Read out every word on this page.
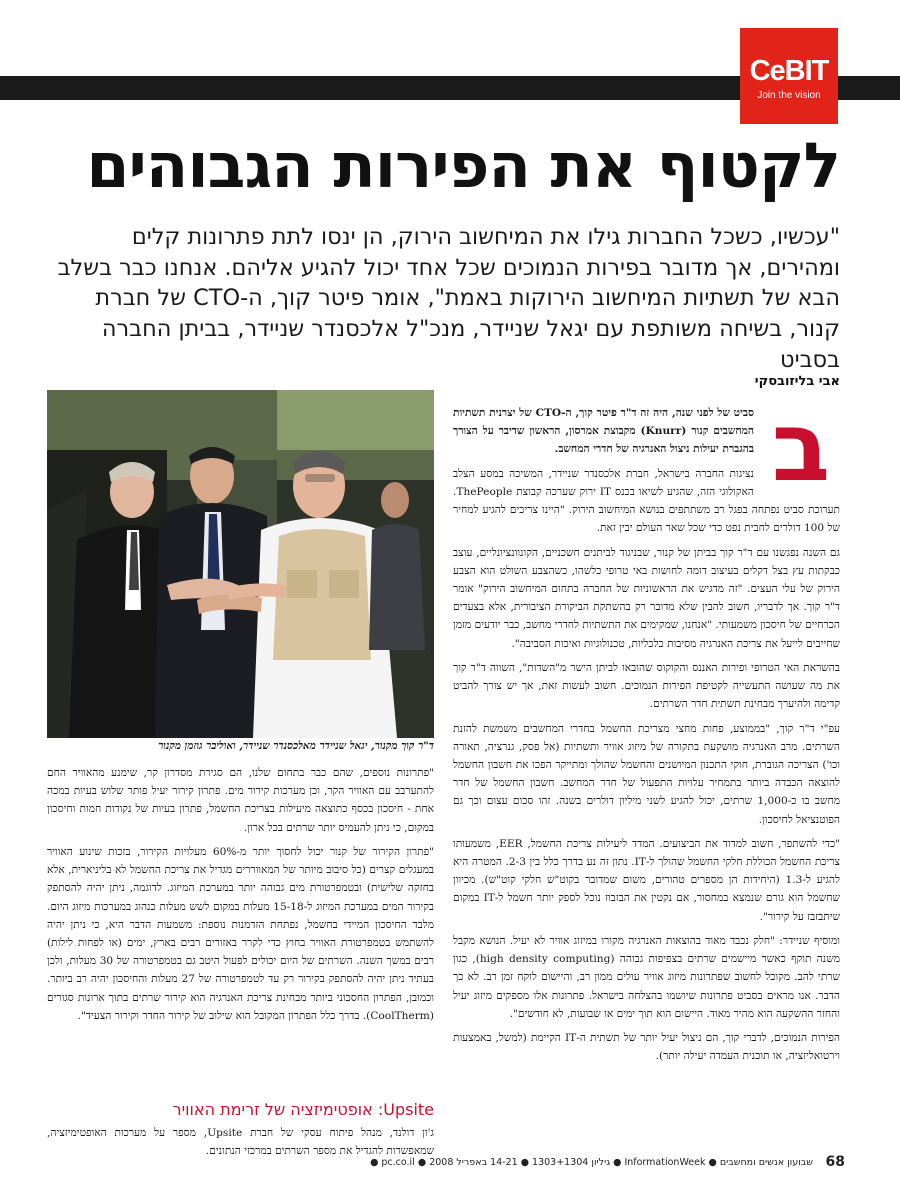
CeBIT
Join the vision
לקטוף את הפירות הגבוהים
"עכשיו, כשכל החברות גילו את המיחשוב הירוק, הן ינסו לתת פתרונות קלים ומהירים, אך מדובר בפירות הנמוכים שכל אחד יכול להגיע אליהם. אנחנו כבר בשלב הבא של תשתיות המיחשוב הירוקות באמת", אומר פיטר קוך, ה-CTO של חברת קנור, בשיחה משותפת עם יגאל שניידר, מנכ"ל אלכסנדר שניידר, בביתן החברה בסביט
אבי בליזובסקי
ד"ר קוך מקנור, יגאל שניידר מאלכסנדר שניידר, ואוליבר גוזמן מקנור
ב

סביט של לפני שנה, היה זה ד"ר פיטר קוך, ה-CTO של יצרנית תשתיות המחשבים קנור (Knurr) מקבוצת אמרסון, הראשון שדיבר על הצורך בהגברת יעילות ניצול האנרגיה של חדרי המחשב.

נציגות החברה בישראל, חברת אלכסנדר שניידר, המשיכה במסע הצלב האקולוגי הזה, שהגיע לשיאו בכנס IT ירוק שערכה קבוצת ThePeople. תערוכת סביט נפתחה בפגל רב משתתפים בנושא המיחשוב הירוק. "היינו צריכים להגיע למחיר של 100 דולרים לחבית נפט כדי שכל שאר העולם יבין זאת.

גם השנה נפגשנו עם ד"ר קוך בביתן של קנור, שבניגוד לביתנים חשכניים, הקונוונציונליים, עוצב כבקתות עץ בצל דקלים בעיצוב דומה לחושות באי טרופי כלשהו, כשהצבע השולט הוא הצבע הירוק של עלי העצים. "זה מדגיש את הראשוניות של החברה בתחום המיחשוב הירוק" אומר ד"ר קוך. אך לדבריו, חשוב להבין שלא מדובר רק בהשתקת הביקורת הציבורית, אלא בצעדים הכרחיים של חיסכון משמעותי. "אנחנו, שמקימים את התשתיות לחדרי מחשב, כבר יודעים מזמן שחייבים לייעל את צריכת האנרגיה מסיבות כלכליות, טכנולוגיות ואיכות הסביבה".

בהשראת האי הטרופי ופירות האננס והקוקוס שהובאו לביתן הישר מ"השדות", השווה ד"ר קוך את מה שעושה התעשייה לקטיפת הפירות הנמוכים. חשוב לעשות זאת, אך יש צורך להביט קדימה ולהיערך מבחינת תשתית חדר השרתים.

עפ"י ד"ר קוך, "בממוצע, פחות מחצי מצריכת החשמל בחדרי המחשבים משמשת להזנת השרתים. מרב האנרגיה מושקעת בתקורה של מיזוג אוויר ותשתיות (אל פסק, גנרציה, תאורה וכו') הצריכה הגוברת, חוקי התכנון המיושנים והחשמל שהולך ומתייקר הפכו את חשבון החשמל להוצאה הכבדה ביותר בתמחיר עלויות התפעול של חדר המחשב. חשבון החשמל של חדר מחשב בו כ-1,000 שרתים, יכול להגיע לשני מיליון דולרים בשנה. זהו סכום עצום וכך גם הפוטנציאל לחיסכון.

"כדי להשתפר, חשוב למדוד את הביצועים. המדד ליעילות צריכת החשמל, EER, משמעותו צריכת החשמל הכוללת חלקי החשמל שהולך ל-IT. נתון זה נע בדרך כלל בין 2-3. המטרה היא להגיע ל-1.3 (היחידות הן מספרים טהורים, משום שמדובר בקוט"ש חלקי קוט"ש). מכיוון שחשמל הוא גורם שנמצא במחסור, אם נקטין את הבזבוז נוכל לספק יותר חשמל ל-IT במקום שיתבזבז על קירור".

ומוסיף שניידר: "חלק נכבד מאוד בהוצאות האנרגיה מקורו במיזוג אוויר לא יעיל. הנושא מקבל משנה תוקף כאשר מיישמים שרתים בצפיפות גבוהה (high density computing), כגון שרתי להב. מקובל לחשוב שפתרונות מיזוג אוויר עולים ממון רב, והיישום לוקח זמן רב. לא כך הדבר. אנו מראים בסביט פתרונות שיושמו בהצלחה בישראל. פתרונות אלו מספקים מיזוג יעיל והחזר ההשקעה הוא מהיר מאוד. היישום הוא תוך ימים או שבועות, לא חודשים".

הפירות הנמוכים, לדברי קוך, הם ניצול יעיל יותר של תשתית ה-IT הקיימת (למשל, באמצעות וירטואליזציה, או תוכנית העמדה יעילה יותר).

"פתרונות נוספים, שהם כבר בתחום שלנו, הם סגירת מסדרון קר, שימנע מהאוויר החם להתערבב עם האוויר הקר, וכן מערכות קירור מים. פתרון קירור יעיל פותר שלוש בעיות במכה אחת - חיסכון בכסף כתוצאה מיעילות בצריכת החשמל, פתרון בעיות של נקודות חמות וחיסכון במקום, כי ניתן להעמיס יותר שרתים בכל ארון.

"פתרון הקירור של קנור יכול לחסוך יותר מ-60% מעלויות הקירור, בזכות שינוע האוויר במעגלים קצרים (כל סיבוב מיותר של המאווררים מגדיל את צריכת החשמל לא בליניארית, אלא בחזקה שלישית) ובטמפרטורת מים גבוהה יותר במערכת המיזוג. לדוגמה, ניתן יהיה להסתפק בקירור המים במערכת המיזוג ל-15-18 מעלות במקום לשש מעלות כנהוג במערכות מיזוג היום. מלבד החיסכון המיידי בחשמל, נפתחת הזדמנות נוספת: משמעות הדבר היא, כי ניתן יהיה להשתמש בטמפרטורת האוויר בחוץ כדי לקרר באזורים רבים בארץ, ימים (או לפחות לילות) רבים במשך השנה. השרתים של היום יכולים לפעול היטב גם בטמפרטורה של 30 מעלות, ולכן בעתיד ניתן יהיה להסתפק בקירור רק עד לטמפרטורה של 27 מעלות והחיסכון יהיה רב ביותר. וכמובן, הפתרון החסכוני ביותר מבחינת צריכת האנרגיה הוא קירור שרתים בתוך ארונות סגורים (CoolTherm). בדרך כלל הפתרון המקובל הוא שילוב של קירור החדר וקירור הצעיד".

Upsite: אופטימיזציה של זרימת האוויר
ג'ון דולנד, מנהל פיתוח עסקי של חברת Upsite, מספר על מערכות האופטימיזציה, שמאפשרות להגדיל את מספר השרתים במרכזי הנתונים.
68
שבועון אנשים ומחשבים ● InformationWeek ● גיליון 1303+1304 ● 14-21 באפריל 2008 ● pc.co.il ●
